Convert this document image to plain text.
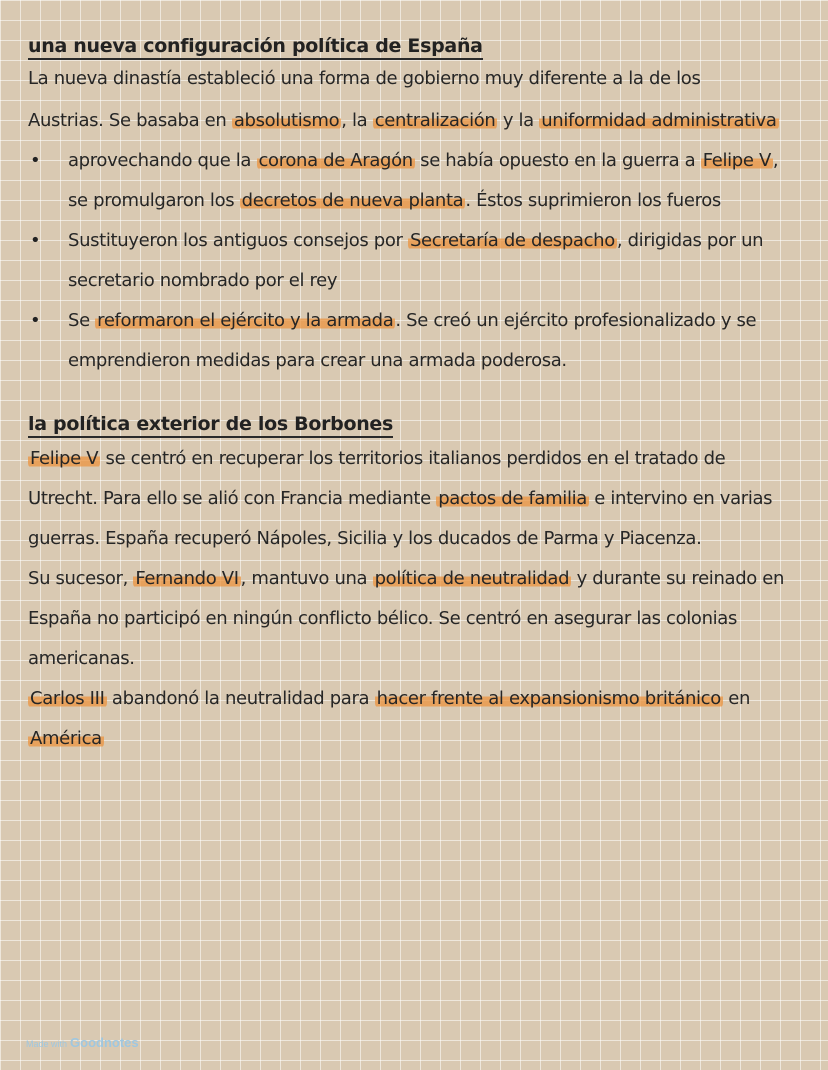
una nueva configuración política de España
La nueva dinastía estableció una forma de gobierno muy diferente a la de los
Austrias. Se basaba en absolutismo , la centralización y la uniformidad administrativa
• aprovechando que la corona de Aragón se había opuesto en la guerra a Felipe V ,
se promulgaron los decretos de nueva planta . Éstos suprimieron los fueros
• Sustituyeron los antiguos consejos por Secretaría de despacho , dirigidas por un
secretario nombrado por el rey
• Se reformaron el ejército y la armada . Se creó un ejército profesionalizado y se
emprendieron medidas para crear una armada poderosa.
la política exterior de los Borbones
Felipe V se centró en recuperar los territorios italianos perdidos en el tratado de
Utrecht. Para ello se alió con Francia mediante pactos de familia e intervino en varias
guerras. España recuperó Nápoles, Sicilia y los ducados de Parma y Piacenza.
Su sucesor, Fernando VI , mantuvo una política de neutralidad y durante su reinado en
España no participó en ningún conflicto bélico. Se centró en asegurar las colonias
americanas.
Carlos III abandonó la neutralidad para hacer frente al expansionismo británico en
América
Made with Goodnotes
